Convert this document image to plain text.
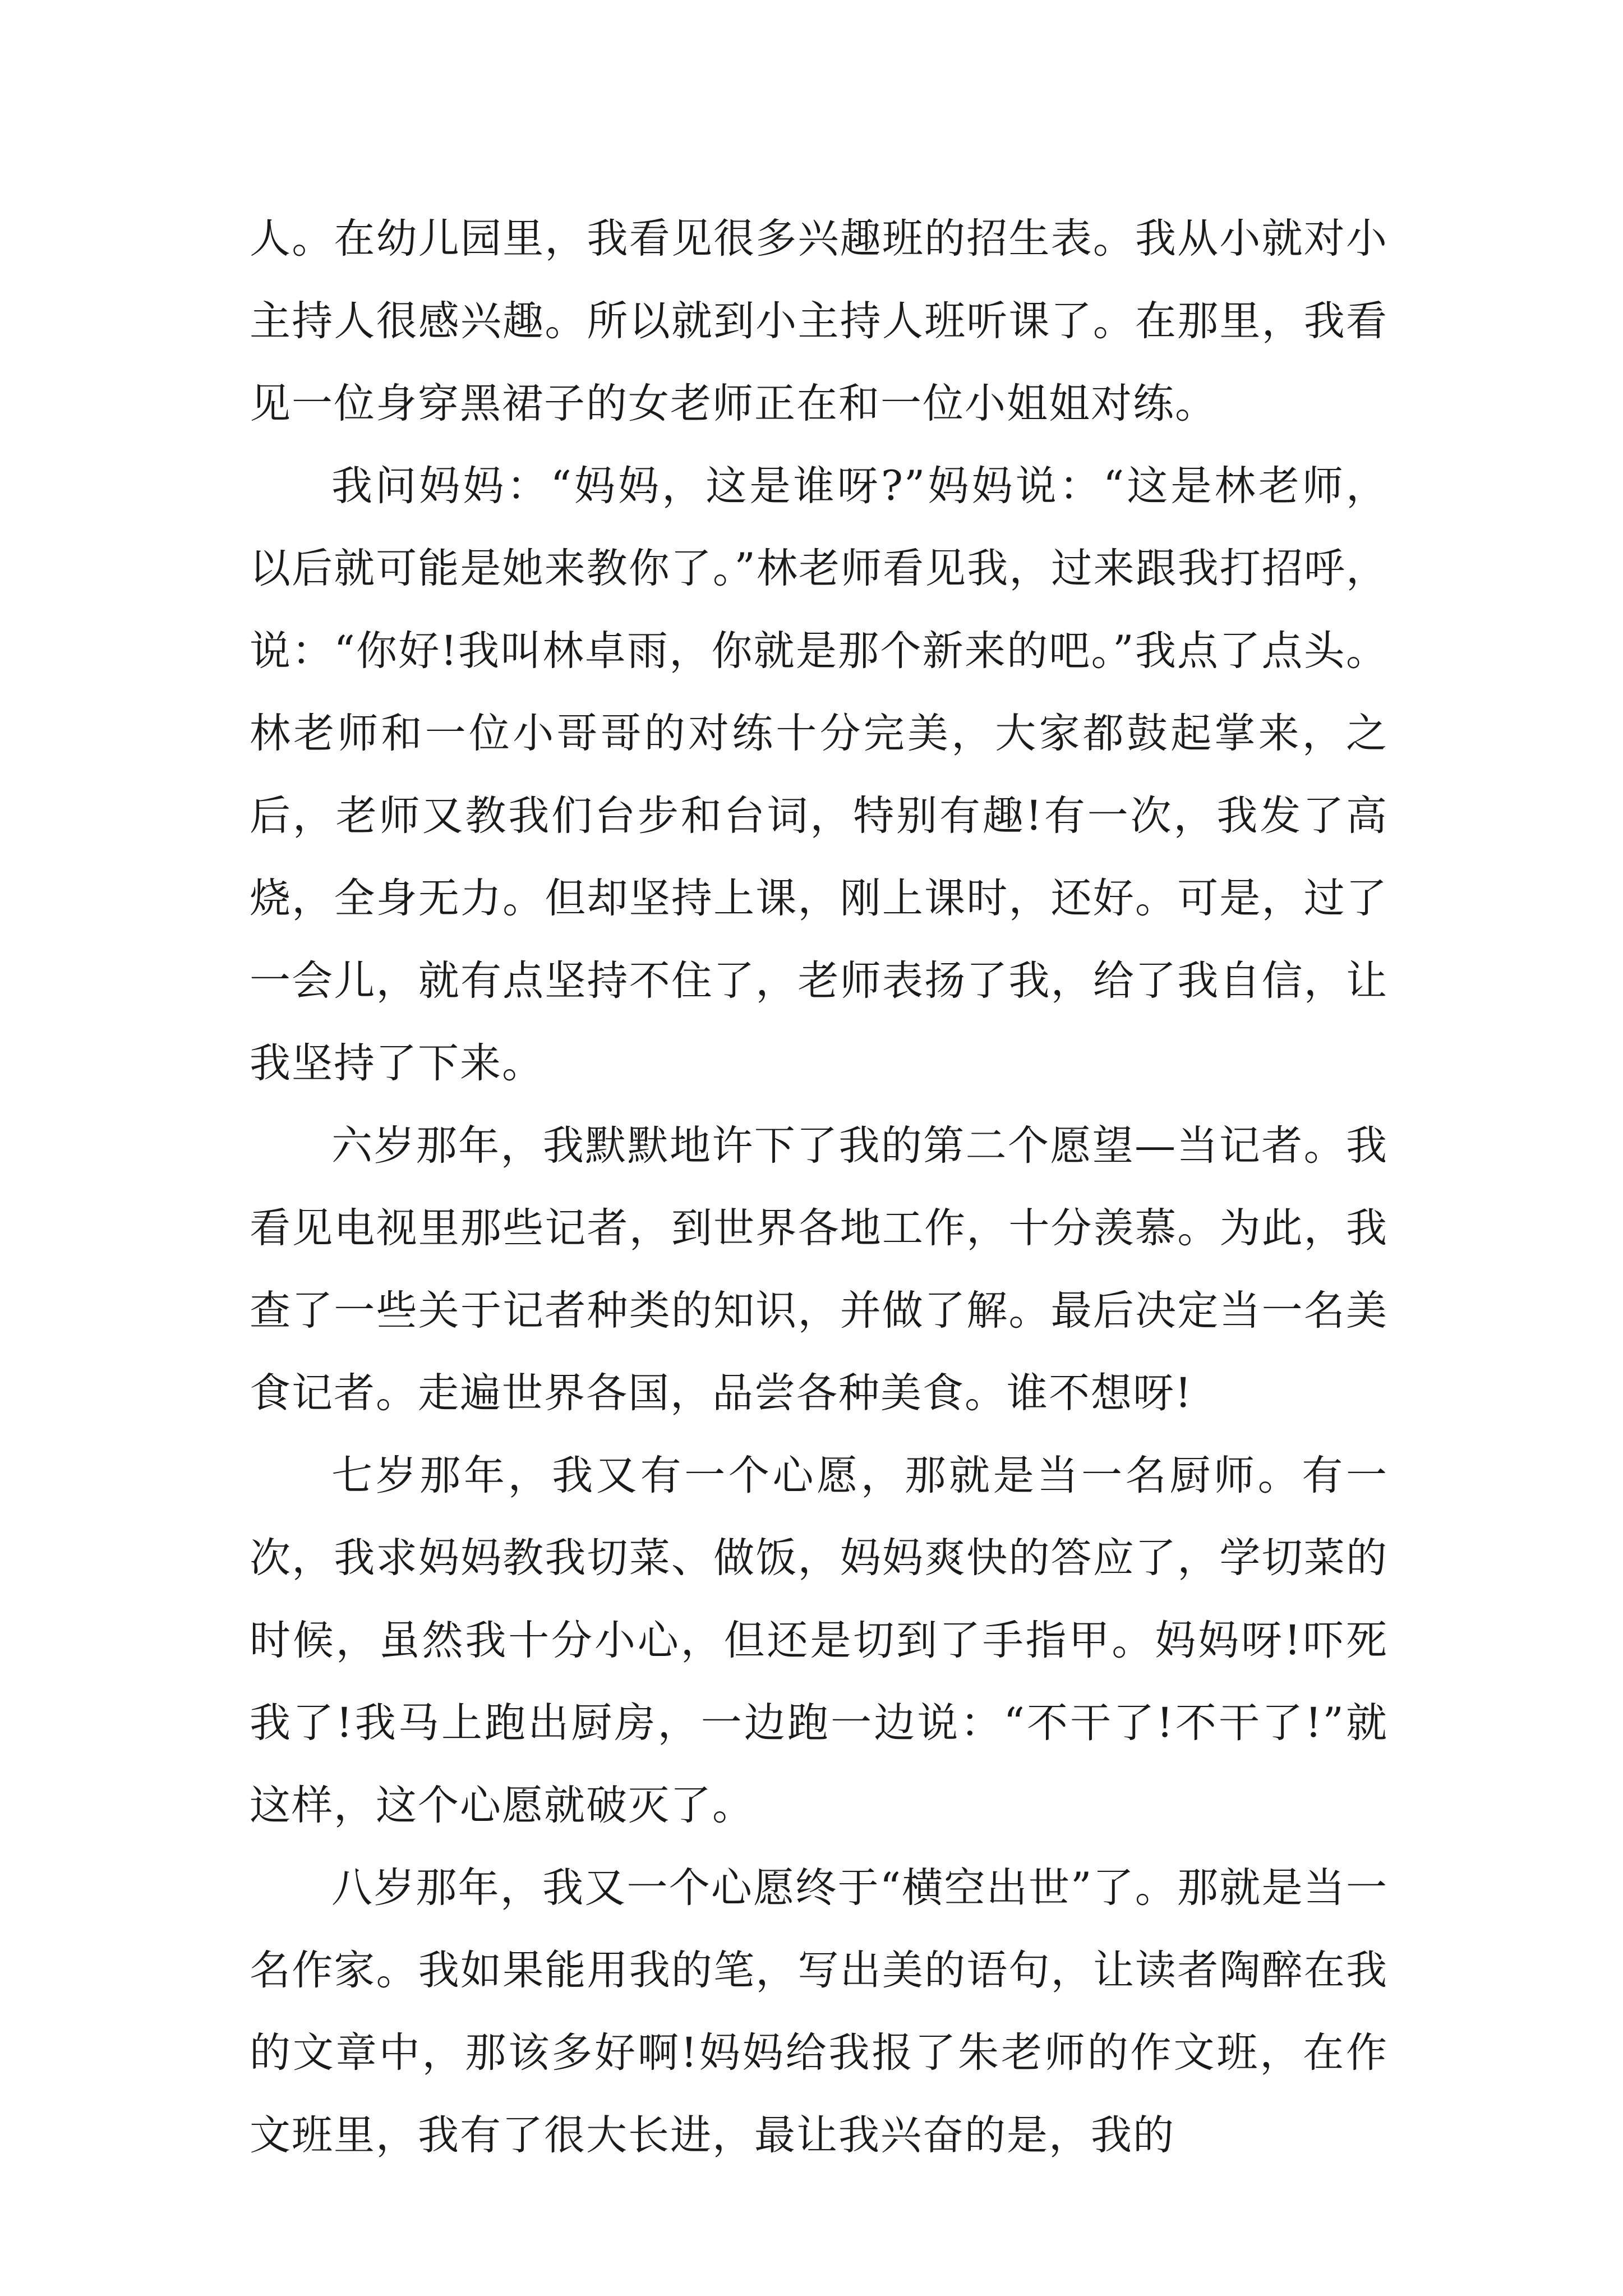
人。在幼儿园里，我看见很多兴趣班的招生表。我从小就对小主持人很感兴趣。所以就到小主持人班听课了。在那里，我看见一位身穿黑裙子的女老师正在和一位小姐姐对练。

我问妈妈：“妈妈，这是谁呀?”妈妈说：“这是林老师，以后就可能是她来教你了。”林老师看见我，过来跟我打招呼，说：“你好!我叫林卓雨，你就是那个新来的吧。”我点了点头。林老师和一位小哥哥的对练十分完美，大家都鼓起掌来，之后，老师又教我们台步和台词，特别有趣!有一次，我发了高烧，全身无力。但却坚持上课，刚上课时，还好。可是，过了一会儿，就有点坚持不住了，老师表扬了我，给了我自信，让我坚持了下来。

六岁那年，我默默地许下了我的第二个愿望—当记者。我看见电视里那些记者，到世界各地工作，十分羡慕。为此，我查了一些关于记者种类的知识，并做了解。最后决定当一名美食记者。走遍世界各国，品尝各种美食。谁不想呀!

七岁那年，我又有一个心愿，那就是当一名厨师。有一次，我求妈妈教我切菜、做饭，妈妈爽快的答应了，学切菜的时候，虽然我十分小心，但还是切到了手指甲。妈妈呀!吓死我了!我马上跑出厨房，一边跑一边说：“不干了!不干了!”就这样，这个心愿就破灭了。

八岁那年，我又一个心愿终于“横空出世”了。那就是当一名作家。我如果能用我的笔，写出美的语句，让读者陶醉在我的文章中，那该多好啊!妈妈给我报了朱老师的作文班，在作文班里，我有了很大长进，最让我兴奋的是，我的
